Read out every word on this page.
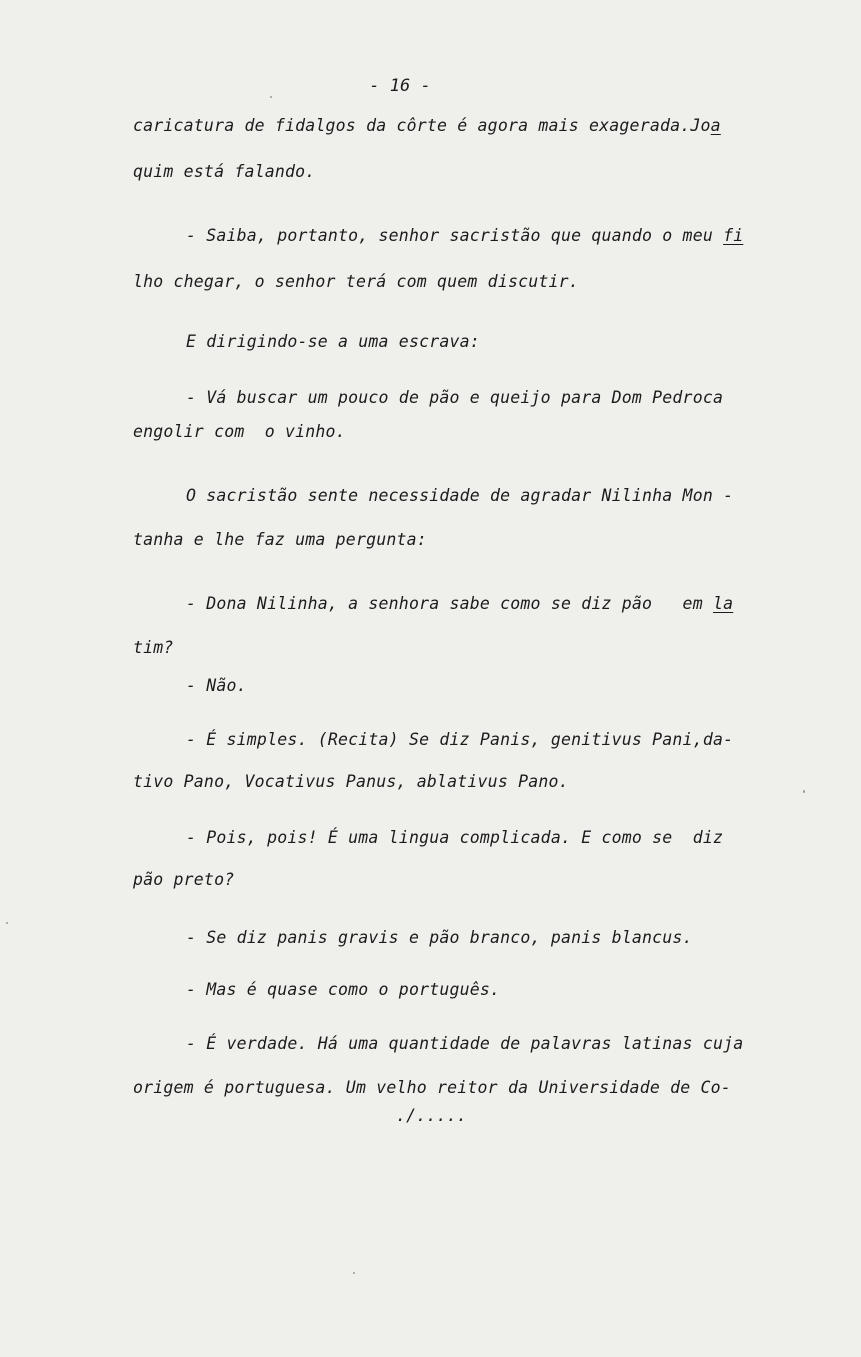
- 16 -
caricatura de fidalgos da côrte é agora mais exagerada.Joa
quim está falando.
- Saiba, portanto, senhor sacristão que quando o meu fi
lho chegar, o senhor terá com quem discutir.
E dirigindo-se a uma escrava:
- Vá buscar um pouco de pão e queijo para Dom Pedroca
engolir com  o vinho.
O sacristão sente necessidade de agradar Nilinha Mon -
tanha e lhe faz uma pergunta:
- Dona Nilinha, a senhora sabe como se diz pão   em la
tim?
- Não.
- É simples. (Recita) Se diz Panis, genitivus Pani,da-
tivo Pano, Vocativus Panus, ablativus Pano.
- Pois, pois! É uma lingua complicada. E como se  diz
pão preto?
- Se diz panis gravis e pão branco, panis blancus.
- Mas é quase como o português.
- É verdade. Há uma quantidade de palavras latinas cuja
origem é portuguesa. Um velho reitor da Universidade de Co-
./.....
